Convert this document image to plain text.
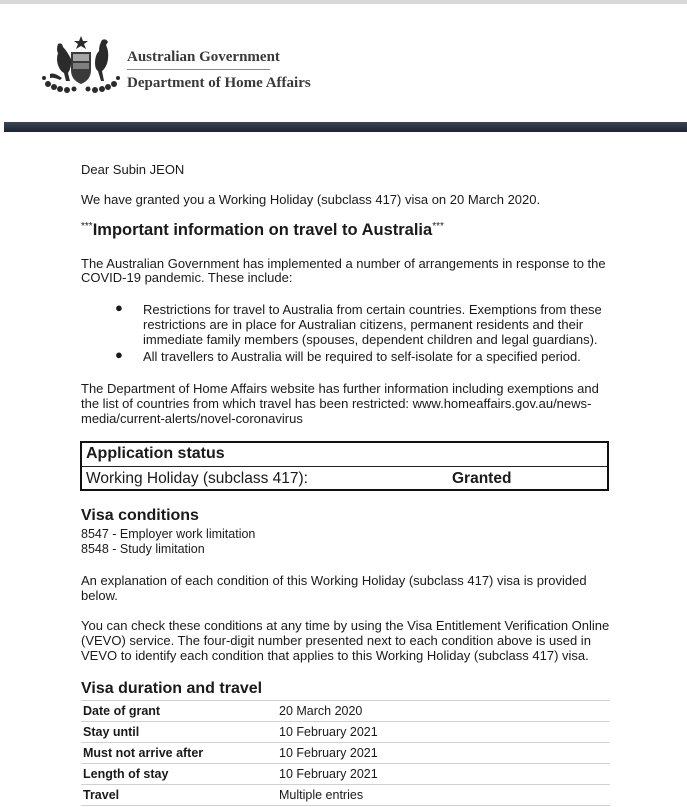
Australian Government
Department of Home Affairs
Dear Subin JEON
We have granted you a Working Holiday (subclass 417) visa on 20 March 2020.
***Important information on travel to Australia***
The Australian Government has implemented a number of arrangements in response to the
COVID-19 pandemic. These include:
● Restrictions for travel to Australia from certain countries. Exemptions from these
restrictions are in place for Australian citizens, permanent residents and their
immediate family members (spouses, dependent children and legal guardians).
● All travellers to Australia will be required to self-isolate for a specified period.
The Department of Home Affairs website has further information including exemptions and
the list of countries from which travel has been restricted: www.homeaffairs.gov.au/news-
media/current-alerts/novel-coronavirus
Application status
Working Holiday (subclass 417):	Granted
Visa conditions
8547 - Employer work limitation
8548 - Study limitation
An explanation of each condition of this Working Holiday (subclass 417) visa is provided
below.
You can check these conditions at any time by using the Visa Entitlement Verification Online
(VEVO) service. The four-digit number presented next to each condition above is used in
VEVO to identify each condition that applies to this Working Holiday (subclass 417) visa.
Visa duration and travel
Date of grant	20 March 2020
Stay until	10 February 2021
Must not arrive after	10 February 2021
Length of stay	10 February 2021
Travel	Multiple entries
